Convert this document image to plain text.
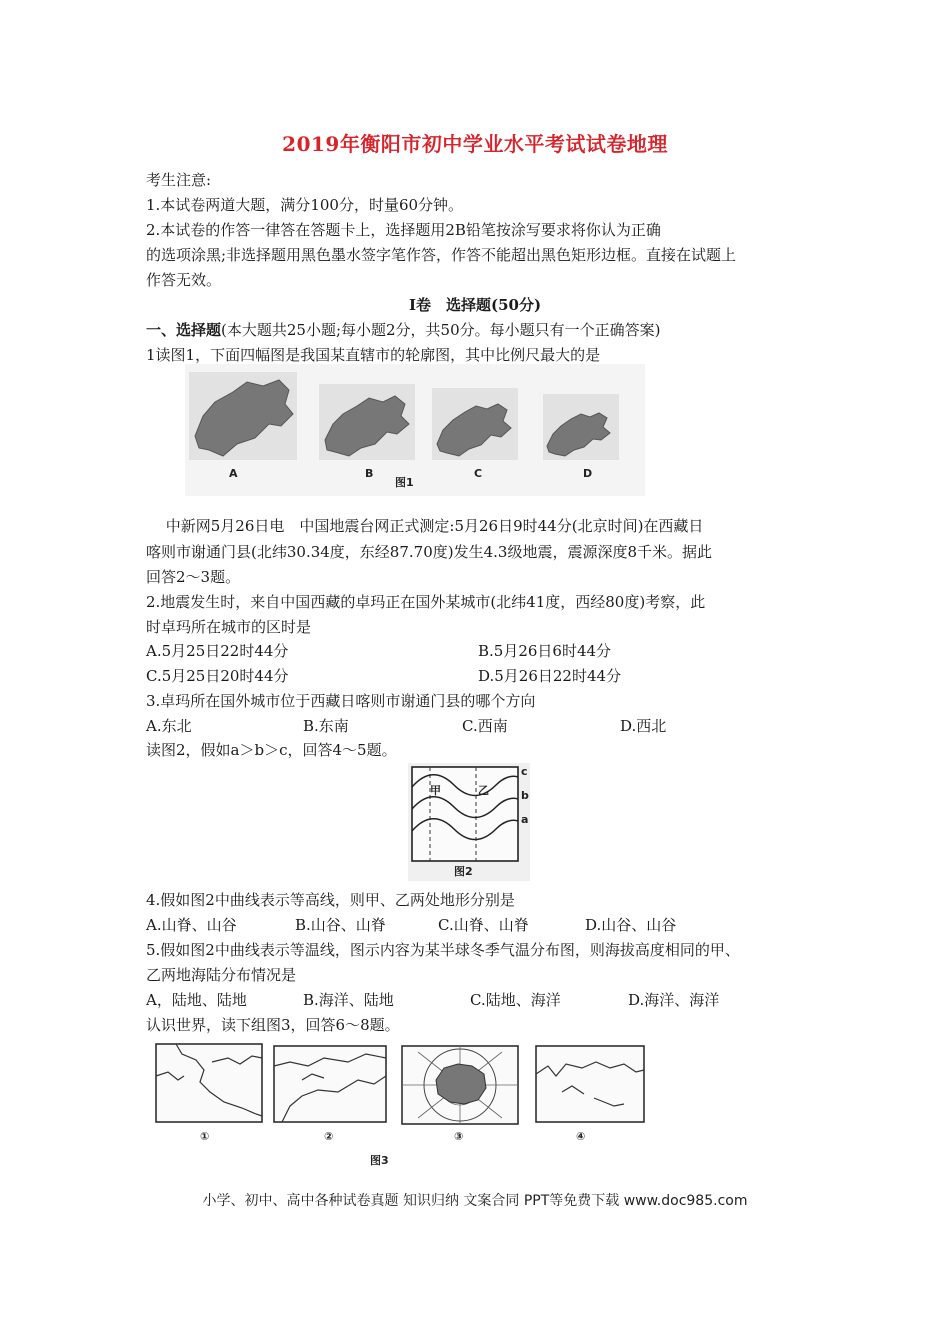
2019年衡阳市初中学业水平考试试卷地理
考生注意:
1.本试卷两道大题，满分100分，时量60分钟。
2.本试卷的作答一律答在答题卡上，选择题用2B铅笔按涂写要求将你认为正确
的选项涂黑;非选择题用黑色墨水签字笔作答，作答不能超出黑色矩形边框。直接在试题上
作答无效。
Ⅰ卷　选择题(50分)
一、选择题(本大题共25小题;每小题2分，共50分。每小题只有一个正确答案)
1读图1，下面四幅图是我国某直辖市的轮廓图，其中比例尺最大的是
A	B	C	D
图1
　 中新网5月26日电　中国地震台网正式测定:5月26日9时44分(北京时间)在西藏日
喀则市谢通门县(北纬30.34度，东经87.70度)发生4.3级地震，震源深度8千米。据此
回答2～3题。
2.地震发生时，来自中国西藏的卓玛正在国外某城市(北纬41度，西经80度)考察，此
时卓玛所在城市的区时是
A.5月25日22时44分	B.5月26日6时44分
C.5月25日20时44分	D.5月26日22时44分
3.卓玛所在国外城市位于西藏日喀则市谢通门县的哪个方向
A.东北	B.东南	C.西南	D.西北
读图2，假如a＞b＞c，回答4～5题。
甲	乙
c
b
a
图2
4.假如图2中曲线表示等高线，则甲、乙两处地形分别是
A.山脊、山谷	B.山谷、山脊	C.山脊、山脊	D.山谷、山谷
5.假如图2中曲线表示等温线，图示内容为某半球冬季气温分布图，则海拔高度相同的甲、
乙两地海陆分布情况是
A，陆地、陆地	B.海洋、陆地	C.陆地、海洋	D.海洋、海洋
认识世界，读下组图3，回答6～8题。
①	②	③	④
图3
小学、初中、高中各种试卷真题 知识归纳 文案合同 PPT等免费下载 www.doc985.com
